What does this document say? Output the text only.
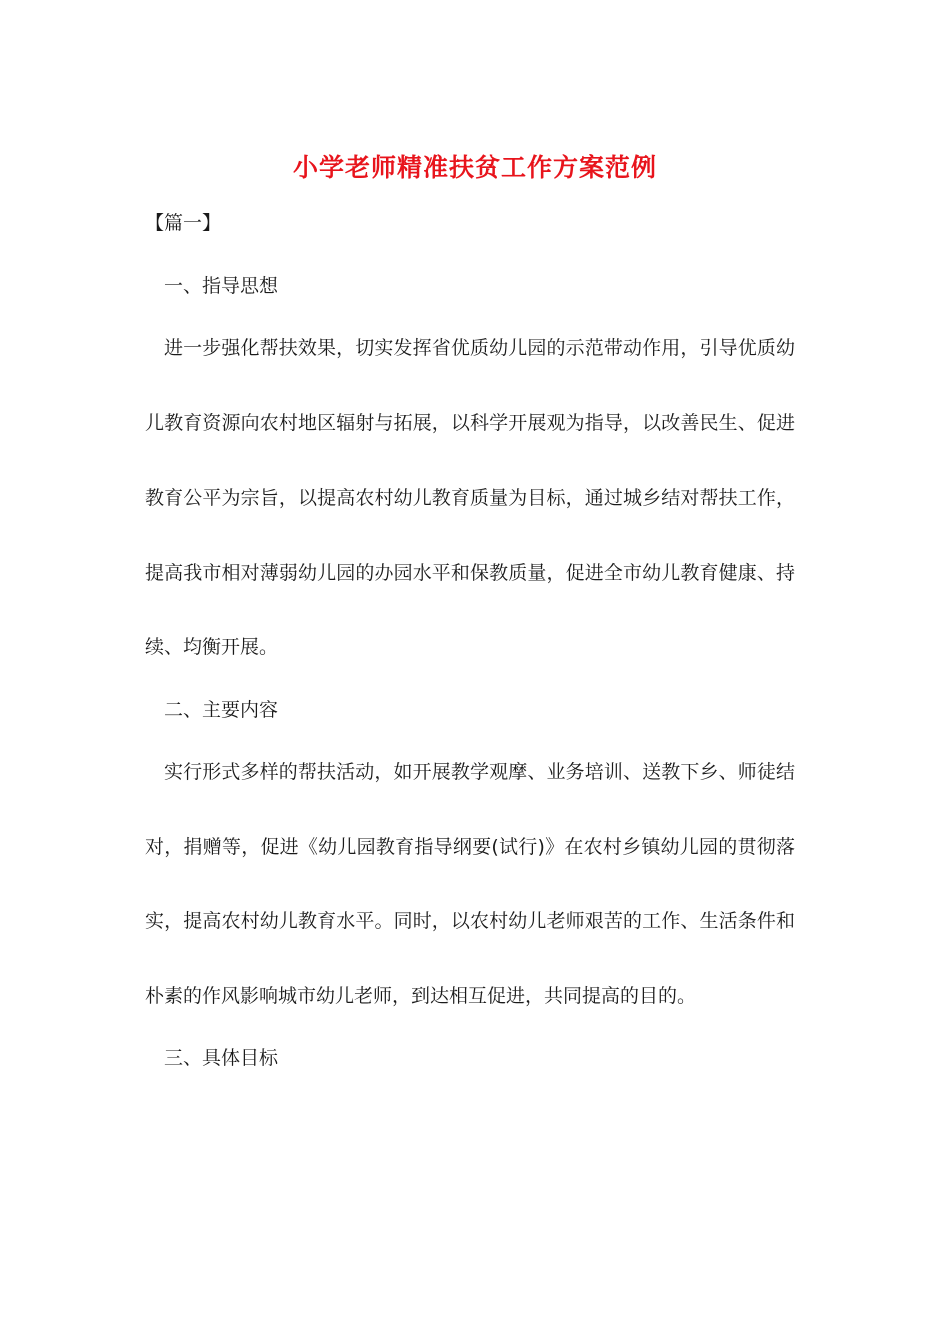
小学老师精准扶贫工作方案范例
【篇一】
一、指导思想
进一步强化帮扶效果，切实发挥省优质幼儿园的示范带动作用，引导优质幼
儿教育资源向农村地区辐射与拓展，以科学开展观为指导，以改善民生、促进
教育公平为宗旨，以提高农村幼儿教育质量为目标，通过城乡结对帮扶工作，
提高我市相对薄弱幼儿园的办园水平和保教质量，促进全市幼儿教育健康、持
续、均衡开展。
二、主要内容
实行形式多样的帮扶活动，如开展教学观摩、业务培训、送教下乡、师徒结
对，捐赠等，促进《幼儿园教育指导纲要(试行)》在农村乡镇幼儿园的贯彻落
实，提高农村幼儿教育水平。同时，以农村幼儿老师艰苦的工作、生活条件和
朴素的作风影响城市幼儿老师，到达相互促进，共同提高的目的。
三、具体目标
